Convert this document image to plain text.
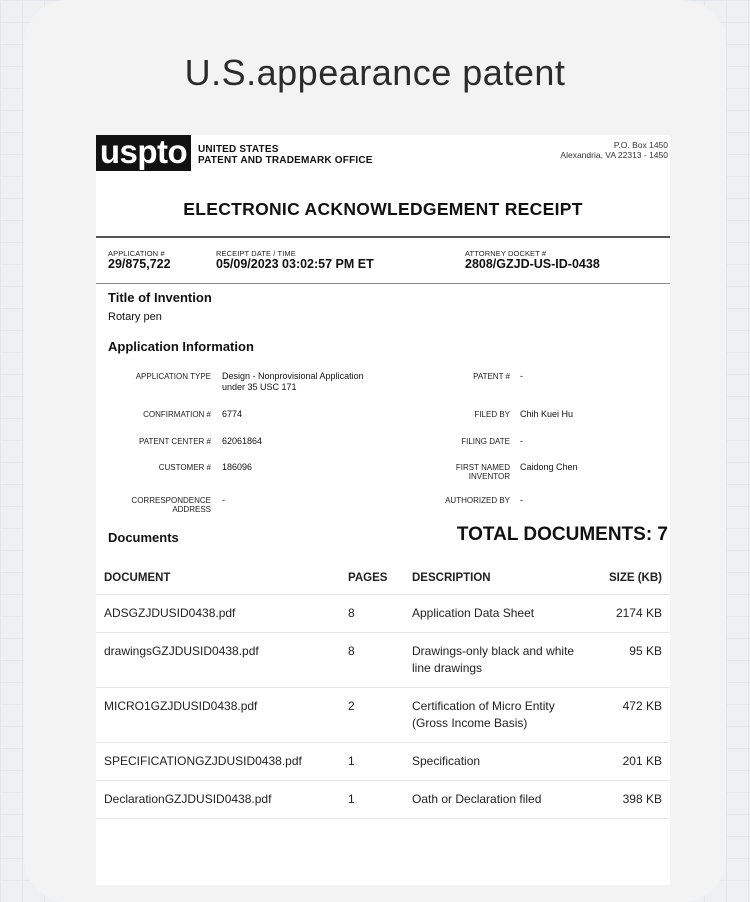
U.S.appearance patent
uspto	UNITED STATES
PATENT AND TRADEMARK OFFICE
P.O. Box 1450
Alexandria, VA 22313 - 1450
ELECTRONIC ACKNOWLEDGEMENT RECEIPT
APPLICATION #
29/875,722
RECEIPT DATE / TIME
05/09/2023 03:02:57 PM ET
ATTORNEY DOCKET #
2808/GZJD-US-ID-0438
Title of Invention
Rotary pen
Application Information
APPLICATION TYPE Design - Nonprovisional Application
under 35 USC 171
PATENT # -
CONFIRMATION # 6774	FILED BY Chih Kuei Hu
PATENT CENTER # 62061864	FILING DATE -
CUSTOMER # 186096	FIRST NAMED
INVENTOR
Caidong Chen
CORRESPONDENCE
ADDRESS
-	AUTHORIZED BY -
Documents	TOTAL DOCUMENTS: 7
DOCUMENT	PAGES	DESCRIPTION	SIZE (KB)
ADSGZJDUSID0438.pdf	8	Application Data Sheet	2174 KB
drawingsGZJDUSID0438.pdf	8	Drawings-only black and white line drawings	95 KB
MICRO1GZJDUSID0438.pdf	2	Certification of Micro Entity (Gross Income Basis)	472 KB
SPECIFICATIONGZJDUSID0438.pdf	1	Specification	201 KB
DeclarationGZJDUSID0438.pdf	1	Oath or Declaration filed	398 KB
